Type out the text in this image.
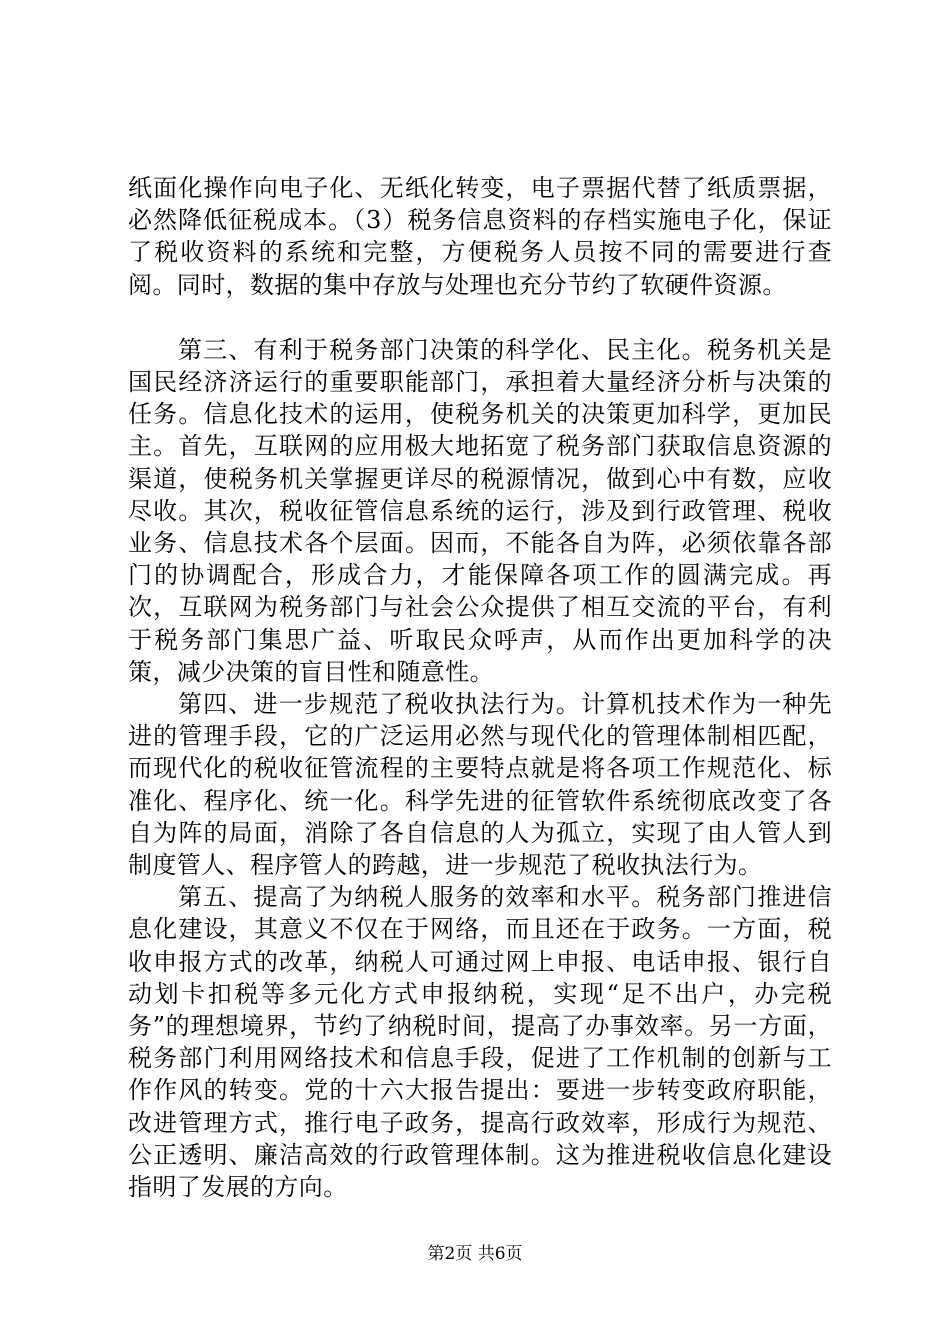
纸面化操作向电子化、无纸化转变，电子票据代替了纸质票据，必然降低征税成本。（3）税务信息资料的存档实施电子化，保证了税收资料的系统和完整，方便税务人员按不同的需要进行查阅。同时，数据的集中存放与处理也充分节约了软硬件资源。

第三、有利于税务部门决策的科学化、民主化。税务机关是国民经济济运行的重要职能部门，承担着大量经济分析与决策的任务。信息化技术的运用，使税务机关的决策更加科学，更加民主。首先，互联网的应用极大地拓宽了税务部门获取信息资源的渠道，使税务机关掌握更详尽的税源情况，做到心中有数，应收尽收。其次，税收征管信息系统的运行，涉及到行政管理、税收业务、信息技术各个层面。因而，不能各自为阵，必须依靠各部门的协调配合，形成合力，才能保障各项工作的圆满完成。再次，互联网为税务部门与社会公众提供了相互交流的平台，有利于税务部门集思广益、听取民众呼声，从而作出更加科学的决策，减少决策的盲目性和随意性。

第四、进一步规范了税收执法行为。计算机技术作为一种先进的管理手段，它的广泛运用必然与现代化的管理体制相匹配，而现代化的税收征管流程的主要特点就是将各项工作规范化、标准化、程序化、统一化。科学先进的征管软件系统彻底改变了各自为阵的局面，消除了各自信息的人为孤立，实现了由人管人到制度管人、程序管人的跨越，进一步规范了税收执法行为。

第五、提高了为纳税人服务的效率和水平。税务部门推进信息化建设，其意义不仅在于网络，而且还在于政务。一方面，税收申报方式的改革，纳税人可通过网上申报、电话申报、银行自动划卡扣税等多元化方式申报纳税，实现“足不出户，办完税务”的理想境界，节约了纳税时间，提高了办事效率。另一方面，税务部门利用网络技术和信息手段，促进了工作机制的创新与工作作风的转变。党的十六大报告提出：要进一步转变政府职能，改进管理方式，推行电子政务，提高行政效率，形成行为规范、公正透明、廉洁高效的行政管理体制。这为推进税收信息化建设指明了发展的方向。

第2页 共6页
